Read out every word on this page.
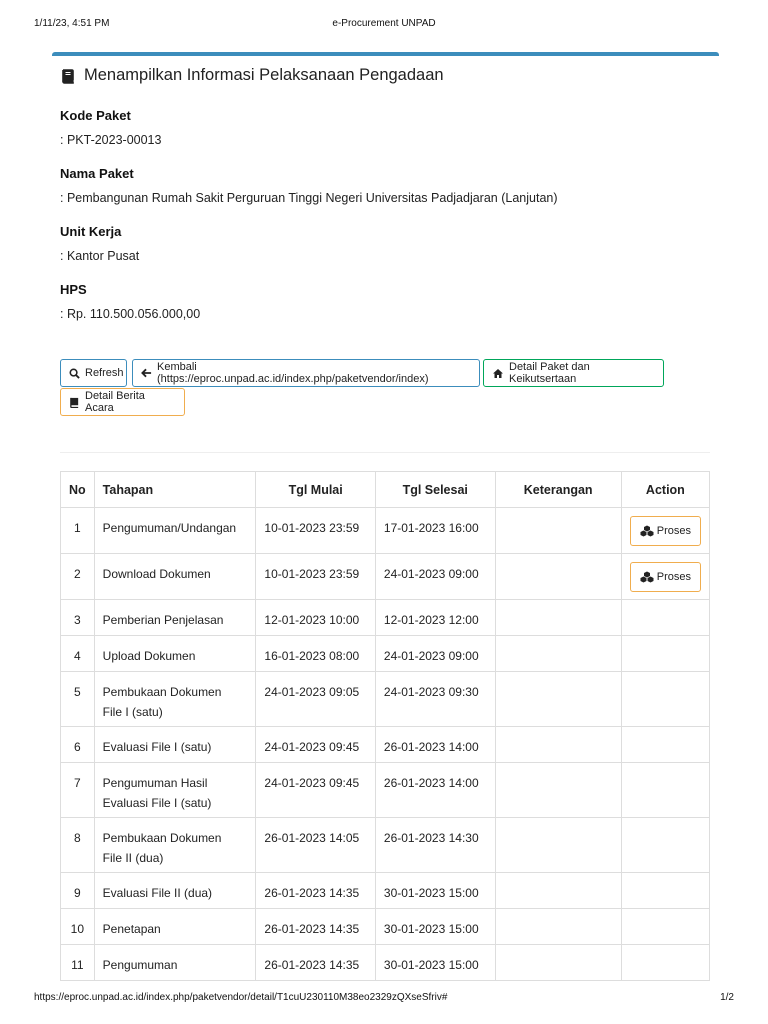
1/11/23, 4:51 PM	e-Procurement UNPAD
Menampilkan Informasi Pelaksanaan Pengadaan
Kode Paket
: PKT-2023-00013
Nama Paket
: Pembangunan Rumah Sakit Perguruan Tinggi Negeri Universitas Padjadjaran (Lanjutan)
Unit Kerja
: Kantor Pusat
HPS
: Rp. 110.500.056.000,00
Refresh	Kembali (https://eproc.unpad.ac.id/index.php/paketvendor/index)
Detail Paket dan Keikutsertaan
Detail Berita Acara
No	Tahapan	Tgl Mulai	Tgl Selesai	Keterangan	Action
1	Pengumuman/Undangan	10-01-2023 23:59	17-01-2023 16:00		Proses

2	Download Dokumen	10-01-2023 23:59	24-01-2023 09:00		Proses

3	Pemberian Penjelasan	12-01-2023 10:00	12-01-2023 12:00		
4	Upload Dokumen	16-01-2023 08:00	24-01-2023 09:00		
5	Pembukaan Dokumen
File I (satu)	24-01-2023 09:05	24-01-2023 09:30		
6	Evaluasi File I (satu)	24-01-2023 09:45	26-01-2023 14:00		
7	Pengumuman Hasil
Evaluasi File I (satu)	24-01-2023 09:45	26-01-2023 14:00		
8	Pembukaan Dokumen
File II (dua)	26-01-2023 14:05	26-01-2023 14:30		
9	Evaluasi File II (dua)	26-01-2023 14:35	30-01-2023 15:00		
10	Penetapan	26-01-2023 14:35	30-01-2023 15:00		
11	Pengumuman	26-01-2023 14:35	30-01-2023 15:00		
https://eproc.unpad.ac.id/index.php/paketvendor/detail/T1cuU230110M38eo2329zQXseSfriv#	1/2
